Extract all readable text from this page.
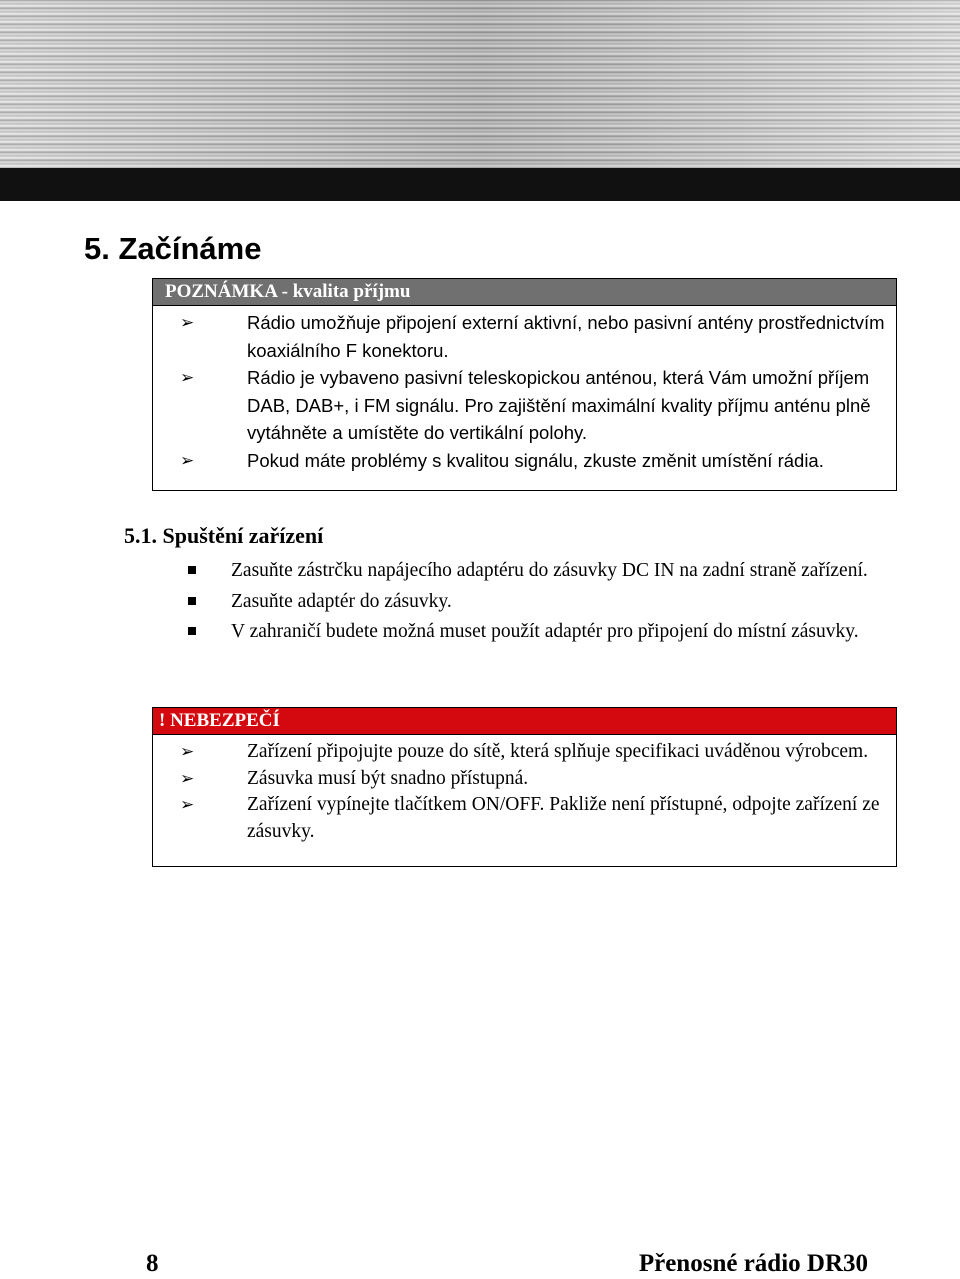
5. Začínáme
POZNÁMKA - kvalita příjmu
➢	Rádio umožňuje připojení externí aktivní, nebo pasivní antény prostřednictvím koaxiálního F konektoru.
➢	Rádio je vybaveno pasivní teleskopickou anténou, která Vám umožní příjem DAB, DAB+, i FM signálu. Pro zajištění maximální kvality příjmu anténu plně vytáhněte a umístěte do vertikální polohy.
➢	Pokud máte problémy s kvalitou signálu, zkuste změnit umístění rádia.
5.1. Spuštění zařízení
Zasuňte zástrčku napájecího adaptéru do zásuvky DC IN na zadní straně zařízení.
Zasuňte adaptér do zásuvky.
V zahraničí budete možná muset použít adaptér pro připojení do místní zásuvky.
! NEBEZPEČÍ
➢	Zařízení připojujte pouze do sítě, která splňuje specifikaci uváděnou výrobcem.
➢	Zásuvka musí být snadno přístupná.
➢	Zařízení vypínejte tlačítkem ON/OFF. Pakliže není přístupné, odpojte zařízení ze zásuvky.
8	Přenosné rádio DR30
